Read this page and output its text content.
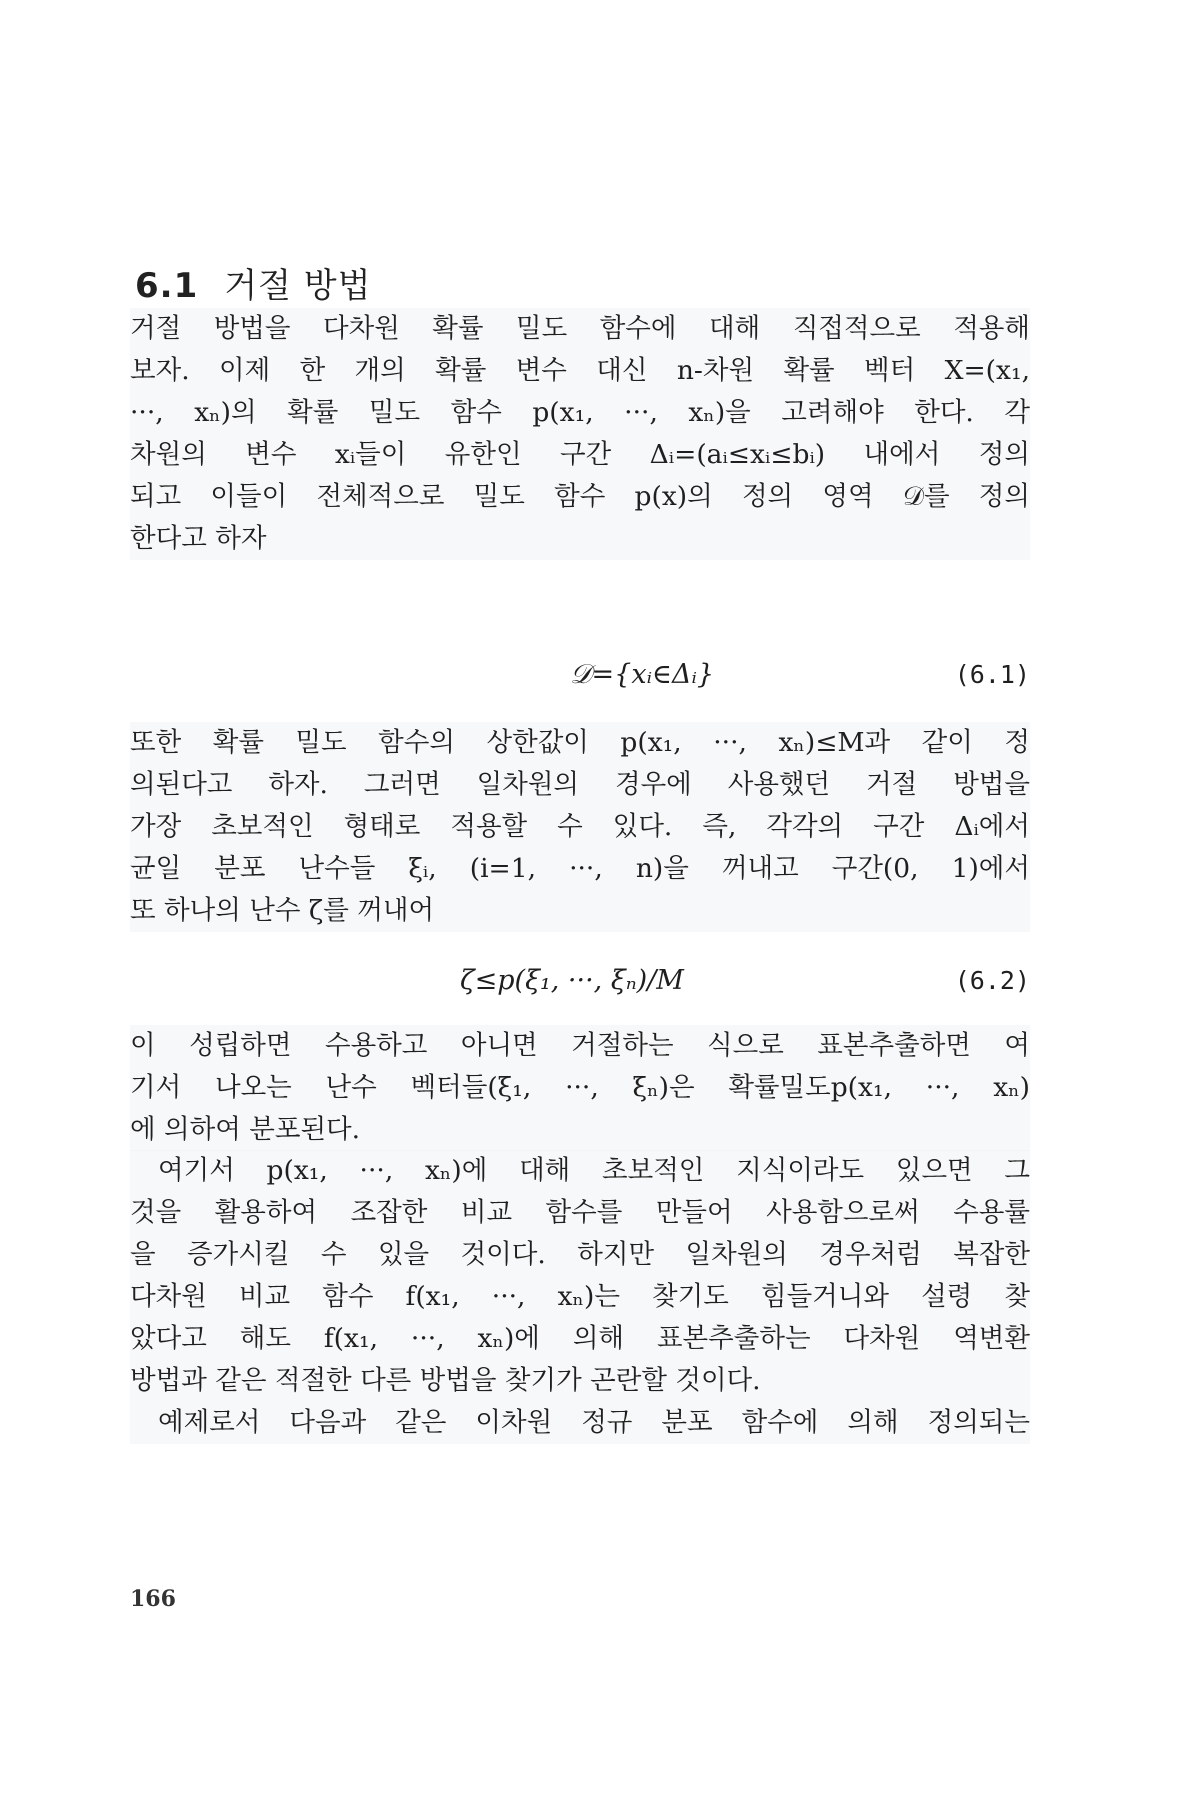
6.1 거절 방법
거절 방법을 다차원 확률 밀도 함수에 대해 직접적으로 적용해
보자. 이제 한 개의 확률 변수 대신 n-차원 확률 벡터 X=(x₁,
···, xₙ)의 확률 밀도 함수 p(x₁, ···, xₙ)을 고려해야 한다. 각
차원의 변수 xᵢ들이 유한인 구간 Δᵢ=(aᵢ≤xᵢ≤bᵢ) 내에서 정의
되고 이들이 전체적으로 밀도 함수 p(x)의 정의 영역 𝒟를 정의
한다고 하자
𝒟={xᵢ∈Δᵢ}	(6.1)
또한 확률 밀도 함수의 상한값이 p(x₁, ···, xₙ)≤M과 같이 정
의된다고 하자. 그러면 일차원의 경우에 사용했던 거절 방법을
가장 초보적인 형태로 적용할 수 있다. 즉, 각각의 구간 Δᵢ에서
균일 분포 난수들 ξᵢ, (i=1, ···, n)을 꺼내고 구간(0, 1)에서
또 하나의 난수 ζ를 꺼내어
ζ≤p(ξ₁, ···, ξₙ)/M	(6.2)
이 성립하면 수용하고 아니면 거절하는 식으로 표본추출하면 여
기서 나오는 난수 벡터들(ξ₁, ···, ξₙ)은 확률밀도p(x₁, ···, xₙ)
에 의하여 분포된다.
여기서 p(x₁, ···, xₙ)에 대해 초보적인 지식이라도 있으면 그
것을 활용하여 조잡한 비교 함수를 만들어 사용함으로써 수용률
을 증가시킬 수 있을 것이다. 하지만 일차원의 경우처럼 복잡한
다차원 비교 함수 f(x₁, ···, xₙ)는 찾기도 힘들거니와 설령 찾
았다고 해도 f(x₁, ···, xₙ)에 의해 표본추출하는 다차원 역변환
방법과 같은 적절한 다른 방법을 찾기가 곤란할 것이다.
예제로서 다음과 같은 이차원 정규 분포 함수에 의해 정의되는
166
